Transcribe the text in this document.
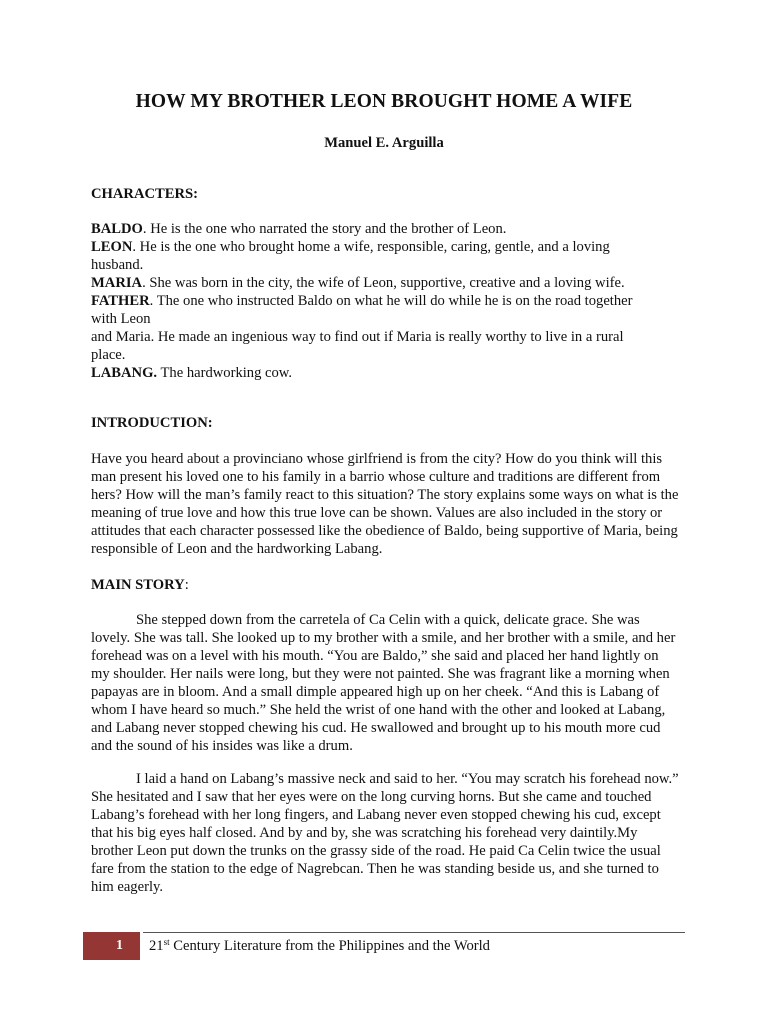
HOW MY BROTHER LEON BROUGHT HOME A WIFE
Manuel E. Arguilla
CHARACTERS:
BALDO. He is the one who narrated the story and the brother of Leon.
LEON. He is the one who brought home a wife, responsible, caring, gentle, and a loving husband.
MARIA. She was born in the city, the wife of Leon, supportive, creative and a loving wife.
FATHER. The one who instructed Baldo on what he will do while he is on the road together with Leon
and Maria. He made an ingenious way to find out if Maria is really worthy to live in a rural place.
LABANG. The hardworking cow.
INTRODUCTION:

Have you heard about a provinciano whose girlfriend is from the city? How do you think will this man present his loved one to his family in a barrio whose culture and traditions are different from hers? How will the man’s family react to this situation? The story explains some ways on what is the meaning of true love and how this true love can be shown. Values are also included in the story or attitudes that each character possessed like the obedience of Baldo, being supportive of Maria, being responsible of Leon and the hardworking Labang.

MAIN STORY:

She stepped down from the carretela of Ca Celin with a quick, delicate grace. She was lovely. She was tall. She looked up to my brother with a smile, and her brother with a smile, and her forehead was on a level with his mouth. “You are Baldo,” she said and placed her hand lightly on my shoulder. Her nails were long, but they were not painted. She was fragrant like a morning when papayas are in bloom. And a small dimple appeared high up on her cheek. “And this is Labang of whom I have heard so much.” She held the wrist of one hand with the other and looked at Labang, and Labang never stopped chewing his cud. He swallowed and brought up to his mouth more cud and the sound of his insides was like a drum.

I laid a hand on Labang’s massive neck and said to her. “You may scratch his forehead now.” She hesitated and I saw that her eyes were on the long curving horns. But she came and touched Labang’s forehead with her long fingers, and Labang never even stopped chewing his cud, except that his big eyes half closed. And by and by, she was scratching his forehead very daintily.My brother Leon put down the trunks on the grassy side of the road. He paid Ca Celin twice the usual fare from the station to the edge of Nagrebcan. Then he was standing beside us, and she turned to him eagerly.

1	21st Century Literature from the Philippines and the World
